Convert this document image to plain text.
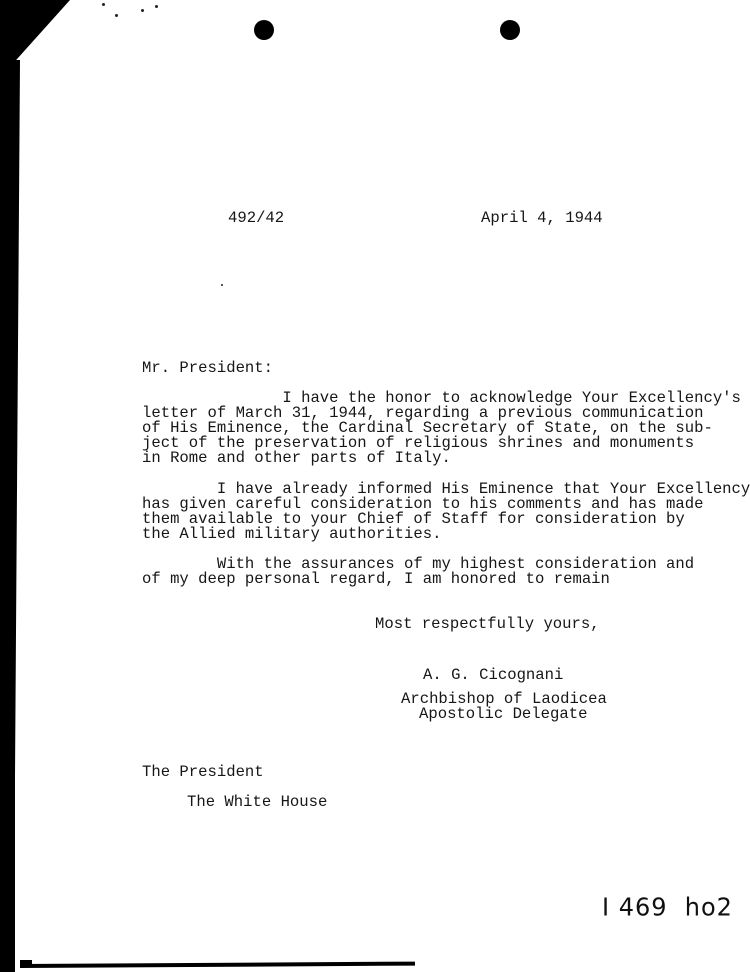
492/42	April 4, 1944
Mr. President:
I have the honor to acknowledge Your Excellency's
letter of March 31, 1944, regarding a previous communication
of His Eminence, the Cardinal Secretary of State, on the sub-
ject of the preservation of religious shrines and monuments
in Rome and other parts of Italy.
I have already informed His Eminence that Your Excellency
has given careful consideration to his comments and has made
them available to your Chief of Staff for consideration by
the Allied military authorities.
With the assurances of my highest consideration and
of my deep personal regard, I am honored to remain
Most respectfully yours,
A. G. Cicognani
Archbishop of Laodicea
Apostolic Delegate
The President
The White House
I 469  ho2
